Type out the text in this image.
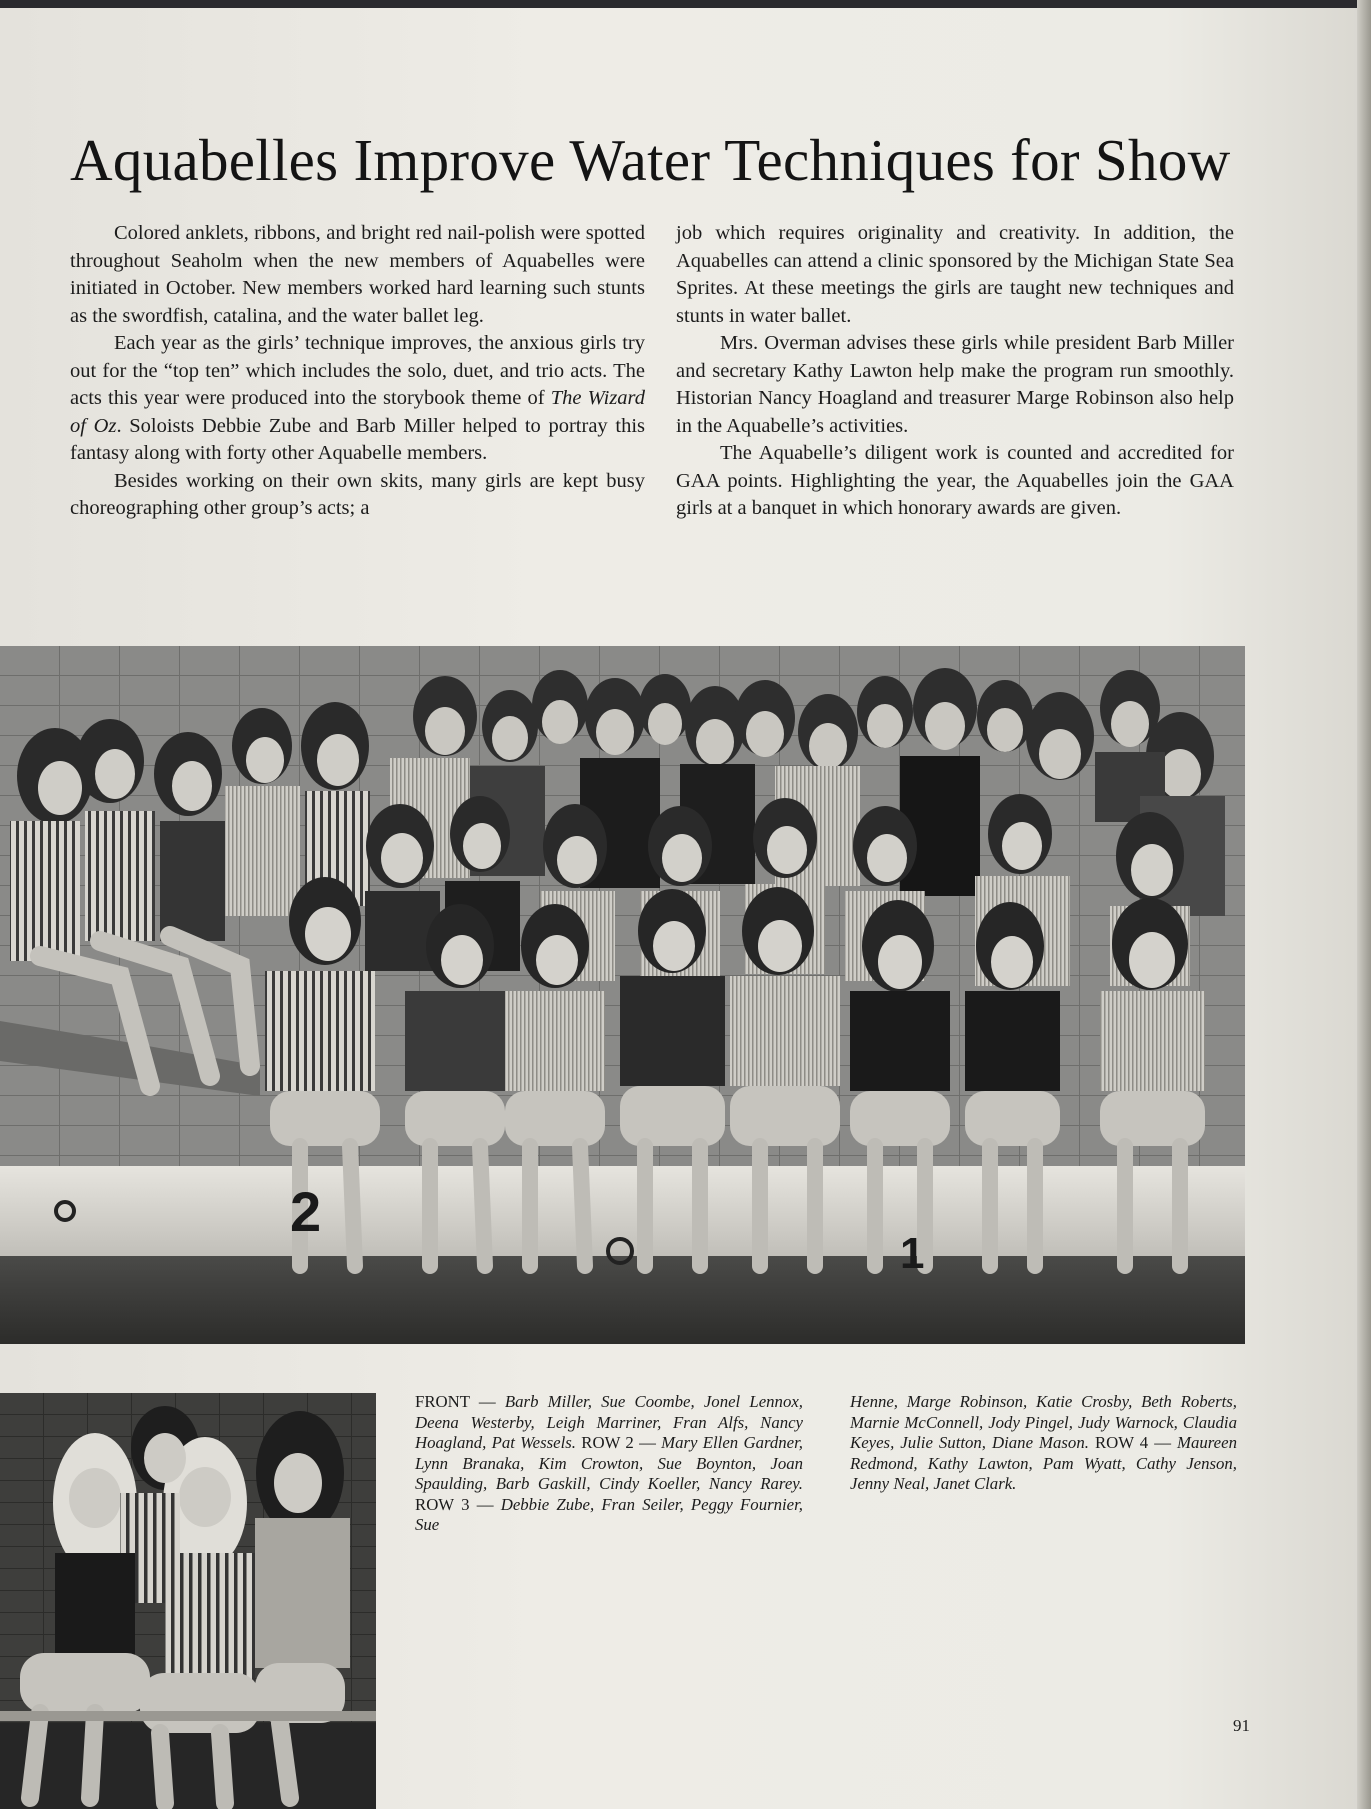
Aquabelles Improve Water Techniques for Show

Colored anklets, ribbons, and bright red nail-polish were spotted throughout Seaholm when the new members of Aquabelles were initiated in October. New members worked hard learning such stunts as the swordfish, catalina, and the water ballet leg.

Each year as the girls’ technique improves, the anxious girls try out for the “top ten” which includes the solo, duet, and trio acts. The acts this year were produced into the storybook theme of The Wizard of Oz. Soloists Debbie Zube and Barb Miller helped to portray this fantasy along with forty other Aquabelle members.

Besides working on their own skits, many girls are kept busy choreographing other group’s acts; a

job which requires originality and creativity. In addition, the Aquabelles can attend a clinic sponsored by the Michigan State Sea Sprites. At these meetings the girls are taught new techniques and stunts in water ballet.

Mrs. Overman advises these girls while president Barb Miller and secretary Kathy Lawton help make the program run smoothly. Historian Nancy Hoagland and treasurer Marge Robinson also help in the Aquabelle’s activities.

The Aquabelle’s diligent work is counted and accredited for GAA points. Highlighting the year, the Aquabelles join the GAA girls at a banquet in which honorary awards are given.

2
1
FRONT — Barb Miller, Sue Coombe, Jonel Lennox, Deena Westerby, Leigh Marriner, Fran Alfs, Nancy Hoagland, Pat Wessels. ROW 2 — Mary Ellen Gardner, Lynn Branaka, Kim Crowton, Sue Boynton, Joan Spaulding, Barb Gaskill, Cindy Koeller, Nancy Rarey. ROW 3 — Debbie Zube, Fran Seiler, Peggy Fournier, Sue
Henne, Marge Robinson, Katie Crosby, Beth Roberts, Marnie McConnell, Jody Pingel, Judy Warnock, Claudia Keyes, Julie Sutton, Diane Mason. ROW 4 — Maureen Redmond, Kathy Lawton, Pam Wyatt, Cathy Jenson, Jenny Neal, Janet Clark.
91
